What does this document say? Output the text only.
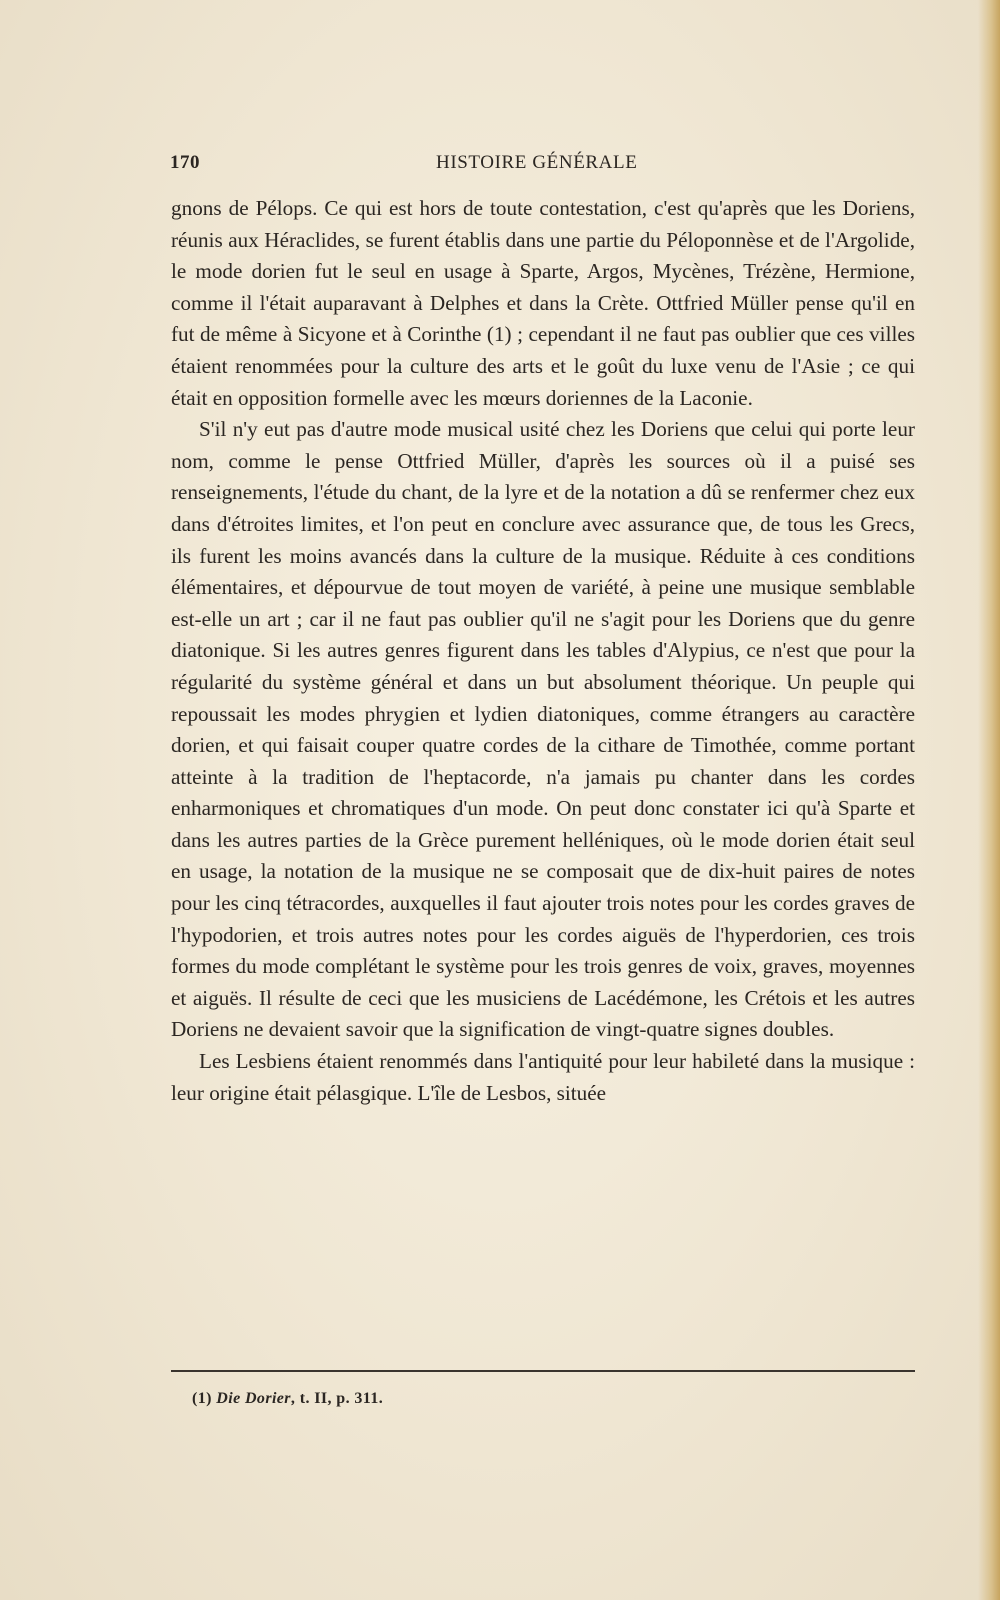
170	HISTOIRE GÉNÉRALE

gnons de Pélops. Ce qui est hors de toute contestation, c'est qu'après que les Doriens, réunis aux Héraclides, se furent établis dans une partie du Péloponnèse et de l'Argolide, le mode dorien fut le seul en usage à Sparte, Argos, Mycènes, Trézène, Hermione, comme il l'était auparavant à Delphes et dans la Crète. Ottfried Müller pense qu'il en fut de même à Sicyone et à Corinthe (1) ; cependant il ne faut pas oublier que ces villes étaient renommées pour la culture des arts et le goût du luxe venu de l'Asie ; ce qui était en opposition formelle avec les mœurs doriennes de la Laconie.

S'il n'y eut pas d'autre mode musical usité chez les Doriens que celui qui porte leur nom, comme le pense Ottfried Müller, d'après les sources où il a puisé ses renseignements, l'étude du chant, de la lyre et de la notation a dû se renfermer chez eux dans d'étroites limites, et l'on peut en conclure avec assurance que, de tous les Grecs, ils furent les moins avancés dans la culture de la musique. Réduite à ces conditions élémentaires, et dépourvue de tout moyen de variété, à peine une musique semblable est-elle un art ; car il ne faut pas oublier qu'il ne s'agit pour les Doriens que du genre diatonique. Si les autres genres figurent dans les tables d'Alypius, ce n'est que pour la régularité du système général et dans un but absolument théorique. Un peuple qui repoussait les modes phrygien et lydien diatoniques, comme étrangers au caractère dorien, et qui faisait couper quatre cordes de la cithare de Timothée, comme portant atteinte à la tradition de l'heptacorde, n'a jamais pu chanter dans les cordes enharmoniques et chromatiques d'un mode. On peut donc constater ici qu'à Sparte et dans les autres parties de la Grèce purement helléniques, où le mode dorien était seul en usage, la notation de la musique ne se composait que de dix-huit paires de notes pour les cinq tétracordes, auxquelles il faut ajouter trois notes pour les cordes graves de l'hypodorien, et trois autres notes pour les cordes aiguës de l'hyperdorien, ces trois formes du mode complétant le système pour les trois genres de voix, graves, moyennes et aiguës. Il résulte de ceci que les musiciens de Lacédémone, les Crétois et les autres Doriens ne devaient savoir que la signification de vingt-quatre signes doubles.

Les Lesbiens étaient renommés dans l'antiquité pour leur habileté dans la musique : leur origine était pélasgique. L'île de Lesbos, située

(1) Die Dorier, t. II, p. 311.
